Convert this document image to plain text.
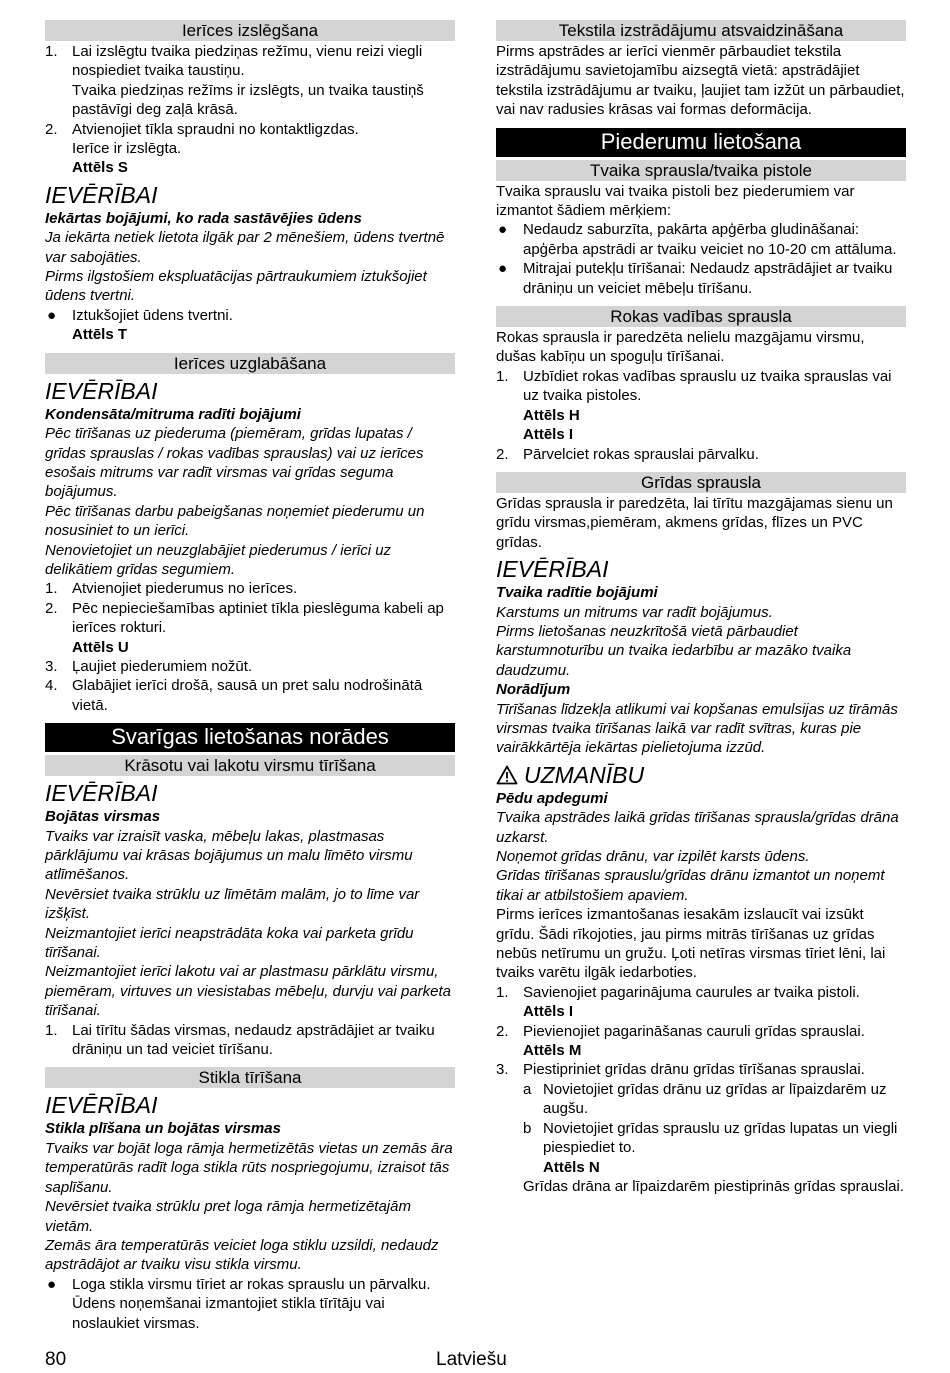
Ierīces izslēgšana
1. Lai izslēgtu tvaika piedziņas režīmu, vienu reizi viegli nospiediet tvaika taustiņu.
Tvaika piedziņas režīms ir izslēgts, un tvaika taustiņš pastāvīgi deg zaļā krāsā.
2. Atvienojiet tīkla spraudni no kontaktligzdas.
Ierīce ir izslēgta.
Attēls S
IEVĒRĪBAI
Iekārtas bojājumi, ko rada sastāvējies ūdens
Ja iekārta netiek lietota ilgāk par 2 mēnešiem, ūdens tvertnē var sabojāties.
Pirms ilgstošiem ekspluatācijas pārtraukumiem iztukšojiet ūdens tvertni.
●	Iztukšojiet ūdens tvertni.
Attēls T
Ierīces uzglabāšana
IEVĒRĪBAI
Kondensāta/mitruma radīti bojājumi
Pēc tīrīšanas uz piederuma (piemēram, grīdas lupatas / grīdas sprauslas / rokas vadības sprauslas) vai uz ierīces esošais mitrums var radīt virsmas vai grīdas seguma bojājumus.
Pēc tīrīšanas darbu pabeigšanas noņemiet piederumu un nosusiniet to un ierīci.
Nenovietojiet un neuzglabājiet piederumus / ierīci uz delikātiem grīdas segumiem.
1. Atvienojiet piederumus no ierīces.
2. Pēc nepieciešamības aptiniet tīkla pieslēguma kabeli ap ierīces rokturi.
Attēls U
3. Ļaujiet piederumiem nožūt.
4. Glabājiet ierīci drošā, sausā un pret salu nodrošinātā vietā.
Svarīgas lietošanas norādes
Krāsotu vai lakotu virsmu tīrīšana
IEVĒRĪBAI
Bojātas virsmas
Tvaiks var izraisīt vaska, mēbeļu lakas, plastmasas pārklājumu vai krāsas bojājumus un malu līmēto virsmu atlīmēšanos.
Nevērsiet tvaika strūklu uz līmētām malām, jo to līme var izšķīst.
Neizmantojiet ierīci neapstrādāta koka vai parketa grīdu tīrīšanai.
Neizmantojiet ierīci lakotu vai ar plastmasu pārklātu virsmu, piemēram, virtuves un viesistabas mēbeļu, durvju vai parketa tīrīšanai.
1. Lai tīrītu šādas virsmas, nedaudz apstrādājiet ar tvaiku drāniņu un tad veiciet tīrīšanu.
Stikla tīrīšana
IEVĒRĪBAI
Stikla plīšana un bojātas virsmas
Tvaiks var bojāt loga rāmja hermetizētās vietas un zemās āra temperatūrās radīt loga stikla rūts nospriegojumu, izraisot tās saplīšanu.
Nevērsiet tvaika strūklu pret loga rāmja hermetizētajām vietām.
Zemās āra temperatūrās veiciet loga stiklu uzsildi, nedaudz apstrādājot ar tvaiku visu stikla virsmu.
●	Loga stikla virsmu tīriet ar rokas sprauslu un pārvalku. Ūdens noņemšanai izmantojiet stikla tīrītāju vai noslaukiet virsmas.
Tekstila izstrādājumu atsvaidzināšana
Pirms apstrādes ar ierīci vienmēr pārbaudiet tekstila izstrādājumu savietojamību aizsegtā vietā: apstrādājiet tekstila izstrādājumu ar tvaiku, ļaujiet tam izžūt un pārbaudiet, vai nav radusies krāsas vai formas deformācija.
Piederumu lietošana
Tvaika sprausla/tvaika pistole
Tvaika sprauslu vai tvaika pistoli bez piederumiem var izmantot šādiem mērķiem:
●	Nedaudz saburzīta, pakārta apģērba gludināšanai: apģērba apstrādi ar tvaiku veiciet no 10-20 cm attāluma.
●	Mitrajai putekļu tīrīšanai: Nedaudz apstrādājiet ar tvaiku drāniņu un veiciet mēbeļu tīrīšanu.
Rokas vadības sprausla
Rokas sprausla ir paredzēta nelielu mazgājamu virsmu, dušas kabīņu un spoguļu tīrīšanai.
1. Uzbīdiet rokas vadības sprauslu uz tvaika sprauslas vai uz tvaika pistoles.
Attēls H
Attēls I
2. Pārvelciet rokas sprauslai pārvalku.
Grīdas sprausla
Grīdas sprausla ir paredzēta, lai tīrītu mazgājamas sienu un grīdu virsmas,piemēram, akmens grīdas, flīzes un PVC grīdas.
IEVĒRĪBAI
Tvaika radītie bojājumi
Karstums un mitrums var radīt bojājumus.
Pirms lietošanas neuzkrītošā vietā pārbaudiet karstumnoturību un tvaika iedarbību ar mazāko tvaika daudzumu.
Norādījum
Tīrīšanas līdzekļa atlikumi vai kopšanas emulsijas uz tīrāmās virsmas tvaika tīrīšanas laikā var radīt svītras, kuras pie vairākkārtēja iekārtas pielietojuma izzūd.
UZMANĪBU
Pēdu apdegumi
Tvaika apstrādes laikā grīdas tīrīšanas sprausla/grīdas drāna uzkarst.
Noņemot grīdas drānu, var izpilēt karsts ūdens.
Grīdas tīrīšanas sprauslu/grīdas drānu izmantot un noņemt tikai ar atbilstošiem apaviem.
Pirms ierīces izmantošanas iesakām izslaucīt vai izsūkt grīdu. Šādi rīkojoties, jau pirms mitrās tīrīšanas uz grīdas nebūs netīrumu un gružu. Ļoti netīras virsmas tīriet lēni, lai tvaiks varētu ilgāk iedarboties.
1. Savienojiet pagarinājuma caurules ar tvaika pistoli.
Attēls I
2. Pievienojiet pagarināšanas cauruli grīdas sprauslai.
Attēls M
3. Piestipriniet grīdas drānu grīdas tīrīšanas sprauslai.
a Novietojiet grīdas drānu uz grīdas ar līpaizdarēm uz augšu.
b Novietojiet grīdas sprauslu uz grīdas lupatas un viegli piespiediet to.
Attēls N
Grīdas drāna ar līpaizdarēm piestiprinās grīdas sprauslai.
80	Latviešu
